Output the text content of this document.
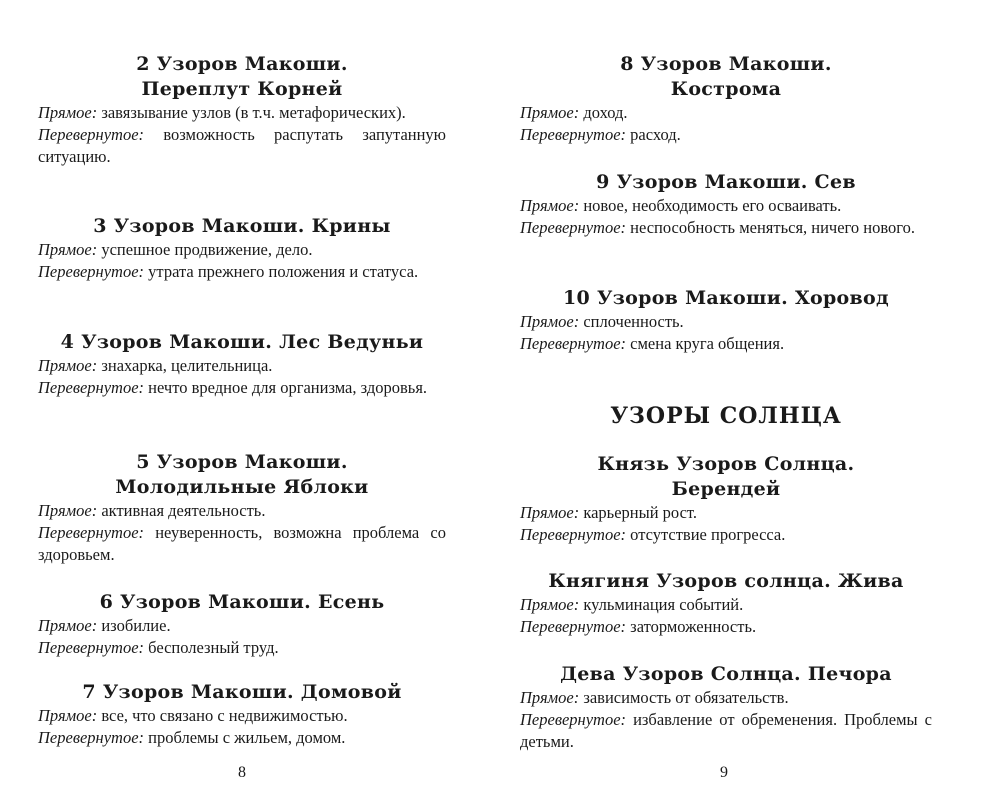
2 Узоров Макоши.
Переплут Корней

Прямое: завязывание узлов (в т.ч. метафорических).

Перевернутое: возможность распутать запутанную ситуацию.

3 Узоров Макоши. Крины

Прямое: успешное продвижение, дело.

Перевернутое: утрата прежнего положения и статуса.

4 Узоров Макоши. Лес Ведуньи

Прямое: знахарка, целительница.

Перевернутое: нечто вредное для организма, здоровья.

5 Узоров Макоши.
Молодильные Яблоки

Прямое: активная деятельность.

Перевернутое: неуверенность, возможна проблема со здоровьем.

6 Узоров Макоши. Есень

Прямое: изобилие.

Перевернутое: бесполезный труд.

7 Узоров Макоши. Домовой

Прямое: все, что связано с недвижимостью.

Перевернутое: проблемы с жильем, домом.

8
8 Узоров Макоши.
Кострома

Прямое: доход.

Перевернутое: расход.

9 Узоров Макоши. Сев

Прямое: новое, необходимость его осваивать.

Перевернутое: неспособность меняться, ничего нового.

10 Узоров Макоши. Хоровод

Прямое: сплоченность.

Перевернутое: смена круга общения.

УЗОРЫ СОЛНЦА
Князь Узоров Солнца.
Берендей

Прямое: карьерный рост.

Перевернутое: отсутствие прогресса.

Княгиня Узоров солнца. Жива

Прямое: кульминация событий.

Перевернутое: заторможенность.

Дева Узоров Солнца. Печора

Прямое: зависимость от обязательств.

Перевернутое: избавление от обременения. Проблемы с детьми.

9
